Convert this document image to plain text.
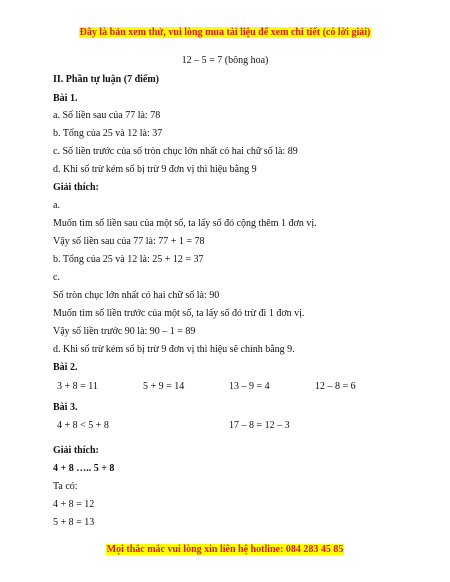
Đây là bản xem thử, vui lòng mua tài liệu để xem chi tiết (có lời giải)
12 – 5 = 7 (bông hoa)
II. Phần tự luận (7 điểm)
Bài 1.
a. Số liền sau của 77 là: 78
b. Tổng của 25 và 12 là: 37
c. Số liền trước của số tròn chục lớn nhất có hai chữ số là: 89
d. Khi số trừ kém số bị trừ 9 đơn vị thì hiệu bằng 9
Giải thích:
a.
Muốn tìm số liền sau của một số, ta lấy số đó cộng thêm 1 đơn vị.
Vậy số liền sau của 77 là: 77 + 1 = 78
b. Tổng của 25 và 12 là: 25 + 12 = 37
c.
Số tròn chục lớn nhất có hai chữ số là: 90
Muốn tìm số liền trước của một số, ta lấy số đó trừ đi 1 đơn vị.
Vậy số liền trước 90 là: 90 – 1 = 89
d. Khi số trừ kém số bị trừ 9 đơn vị thì hiệu sẽ chính bằng 9.
Bài 2.
3 + 8 = 11	5 + 9 = 14	13 – 9 = 4	12 – 8 = 6
Bài 3.
4 + 8 < 5 + 8	17 – 8 = 12 – 3
Giải thích:
4 + 8 ….. 5 + 8
Ta có:
4 + 8 = 12
5 + 8 = 13
Mọi thắc mắc vui lòng xin liên hệ hotline: 084 283 45 85
